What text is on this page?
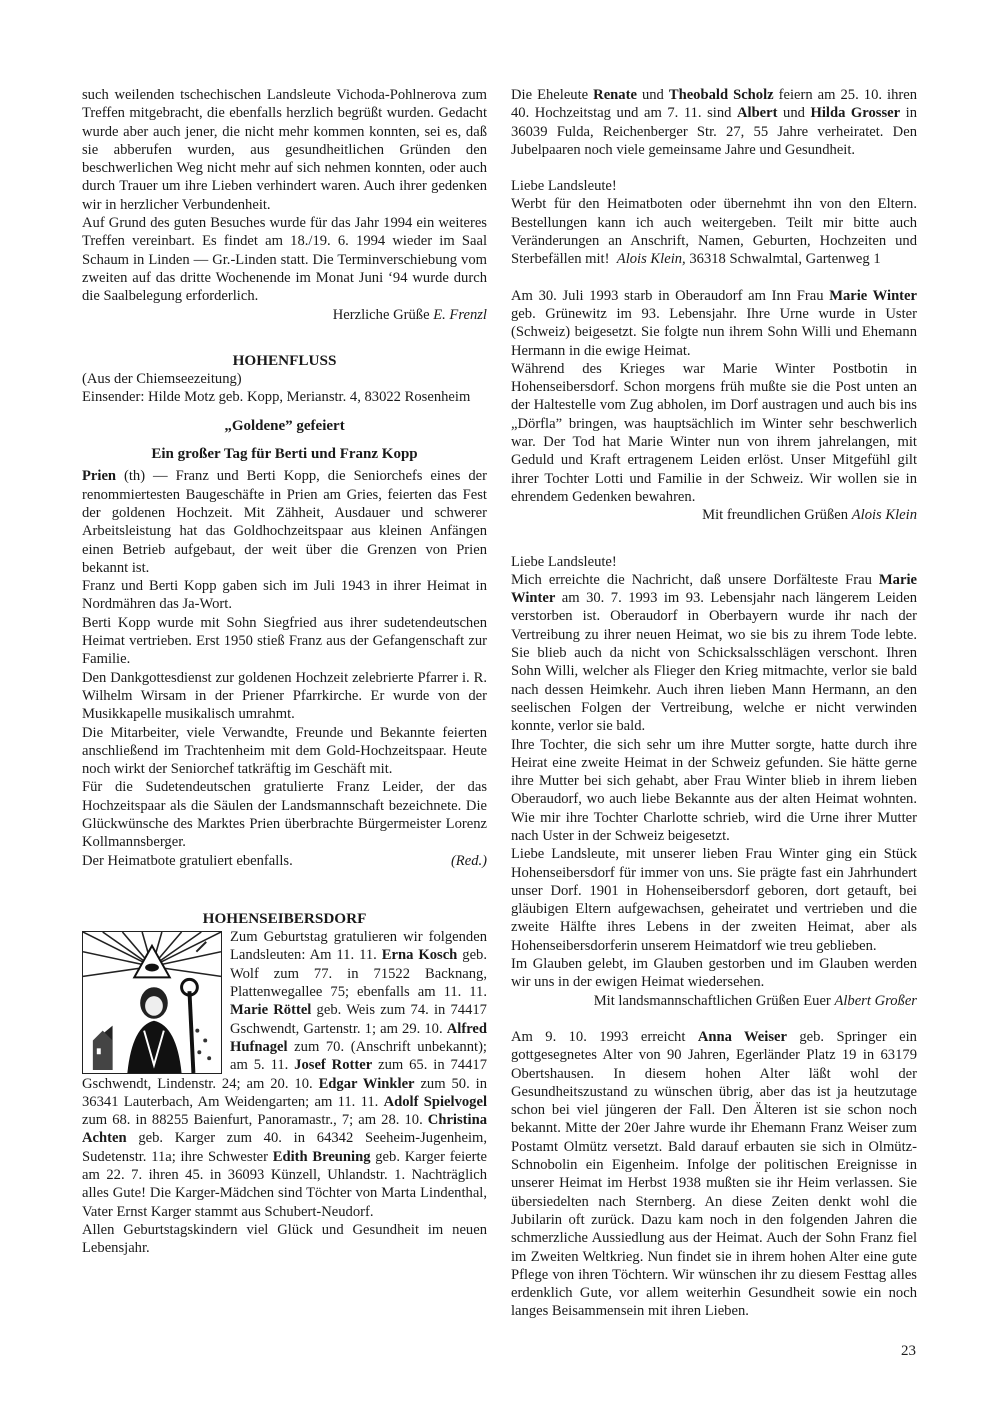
such weilenden tschechischen Landsleute Vichoda-Pohlnerova zum Treffen mitgebracht, die ebenfalls herzlich begrüßt wurden. Gedacht wurde aber auch jener, die nicht mehr kommen konnten, sei es, daß sie abberufen wurden, aus gesundheitlichen Gründen den beschwerlichen Weg nicht mehr auf sich nehmen konnten, oder auch durch Trauer um ihre Lieben verhindert waren. Auch ihrer gedenken wir in herzlicher Verbundenheit.

Auf Grund des guten Besuches wurde für das Jahr 1994 ein weiteres Treffen vereinbart. Es findet am 18./19. 6. 1994 wieder im Saal Schaum in Linden — Gr.-Linden statt. Die Terminverschiebung vom zweiten auf das dritte Wochenende im Monat Juni ‘94 wurde durch die Saalbelegung erforderlich.

Herzliche Grüße E. Frenzl

HOHENFLUSS

(Aus der Chiemseezeitung)

Einsender: Hilde Motz geb. Kopp, Merianstr. 4, 83022 Rosenheim

„Goldene” gefeiert

Ein großer Tag für Berti und Franz Kopp

Prien (th) — Franz und Berti Kopp, die Seniorchefs eines der renommiertesten Baugeschäfte in Prien am Gries, feierten das Fest der goldenen Hochzeit. Mit Zähheit, Ausdauer und schwerer Arbeitsleistung hat das Goldhochzeitspaar aus kleinen Anfängen einen Betrieb aufgebaut, der weit über die Grenzen von Prien bekannt ist.

Franz und Berti Kopp gaben sich im Juli 1943 in ihrer Heimat in Nordmähren das Ja-Wort.

Berti Kopp wurde mit Sohn Siegfried aus ihrer sudetendeutschen Heimat vertrieben. Erst 1950 stieß Franz aus der Gefangenschaft zur Familie.

Den Dankgottesdienst zur goldenen Hochzeit zelebrierte Pfarrer i. R. Wilhelm Wirsam in der Priener Pfarrkirche. Er wurde von der Musikkapelle musikalisch umrahmt.

Die Mitarbeiter, viele Verwandte, Freunde und Bekannte feierten anschließend im Trachtenheim mit dem Gold-Hochzeitspaar. Heute noch wirkt der Seniorchef tatkräftig im Geschäft mit.

Für die Sudetendeutschen gratulierte Franz Leider, der das Hochzeitspaar als die Säulen der Landsmannschaft bezeichnete. Die Glückwünsche des Marktes Prien überbrachte Bürgermeister Lorenz Kollmannsberger.

Der Heimatbote gratuliert ebenfalls.	(Red.)

HOHENSEIBERSDORF

Zum Geburtstag gratulieren wir folgenden Landsleuten: Am 11. 11. Erna Kosch geb. Wolf zum 77. in 71522 Backnang, Plattenwegallee 75; ebenfalls am 11. 11. Marie Röttel geb. Weis zum 74. in 74417 Gschwendt, Gartenstr. 1; am 29. 10. Alfred Hufnagel zum 70. (Anschrift unbekannt); am 5. 11. Josef Rotter zum 65. in 74417 Gschwendt, Lindenstr. 24; am 20. 10. Edgar Winkler zum 50. in 36341 Lauterbach, Am Weidengarten; am 11. 11. Adolf Spielvogel zum 68. in 88255 Baienfurt, Panoramastr., 7; am 28. 10. Christina Achten geb. Karger zum 40. in 64342 Seeheim-Jugenheim, Sudetenstr. 11a; ihre Schwester Edith Breuning geb. Karger feierte am 22. 7. ihren 45. in 36093 Künzell, Uhlandstr. 1. Nachträglich alles Gute! Die Karger-Mädchen sind Töchter von Marta Lindenthal, Vater Ernst Karger stammt aus Schubert-Neudorf.

Allen Geburtstagskindern viel Glück und Gesundheit im neuen Lebensjahr.

Die Eheleute Renate und Theobald Scholz feiern am 25. 10. ihren 40. Hochzeitstag und am 7. 11. sind Albert und Hilda Grosser in 36039 Fulda, Reichenberger Str. 27, 55 Jahre verheiratet. Den Jubelpaaren noch viele gemeinsame Jahre und Gesundheit.

Liebe Landsleute!

Werbt für den Heimatboten oder übernehmt ihn von den Eltern. Bestellungen kann ich auch weitergeben. Teilt mir bitte auch Veränderungen an Anschrift, Namen, Geburten, Hochzeiten und Sterbefällen mit! Alois Klein, 36318 Schwalmtal, Gartenweg 1

Am 30. Juli 1993 starb in Oberaudorf am Inn Frau Marie Winter geb. Grünewitz im 93. Lebensjahr. Ihre Urne wurde in Uster (Schweiz) beigesetzt. Sie folgte nun ihrem Sohn Willi und Ehemann Hermann in die ewige Heimat.

Während des Krieges war Marie Winter Postbotin in Hohenseibersdorf. Schon morgens früh mußte sie die Post unten an der Haltestelle vom Zug abholen, im Dorf austragen und auch bis ins „Dörfla” bringen, was hauptsächlich im Winter sehr beschwerlich war. Der Tod hat Marie Winter nun von ihrem jahrelangen, mit Geduld und Kraft ertragenem Leiden erlöst. Unser Mitgefühl gilt ihrer Tochter Lotti und Familie in der Schweiz. Wir wollen sie in ehrendem Gedenken bewahren.

Mit freundlichen Grüßen Alois Klein

Liebe Landsleute!

Mich erreichte die Nachricht, daß unsere Dorfälteste Frau Marie Winter am 30. 7. 1993 im 93. Lebensjahr nach längerem Leiden verstorben ist. Oberaudorf in Oberbayern wurde ihr nach der Vertreibung zu ihrer neuen Heimat, wo sie bis zu ihrem Tode lebte. Sie blieb auch da nicht von Schicksalsschlägen verschont. Ihren Sohn Willi, welcher als Flieger den Krieg mitmachte, verlor sie bald nach dessen Heimkehr. Auch ihren lieben Mann Hermann, an den seelischen Folgen der Vertreibung, welche er nicht verwinden konnte, verlor sie bald.

Ihre Tochter, die sich sehr um ihre Mutter sorgte, hatte durch ihre Heirat eine zweite Heimat in der Schweiz gefunden. Sie hätte gerne ihre Mutter bei sich gehabt, aber Frau Winter blieb in ihrem lieben Oberaudorf, wo auch liebe Bekannte aus der alten Heimat wohnten. Wie mir ihre Tochter Charlotte schrieb, wird die Urne ihrer Mutter nach Uster in der Schweiz beigesetzt.

Liebe Landsleute, mit unserer lieben Frau Winter ging ein Stück Hohenseibersdorf für immer von uns. Sie prägte fast ein Jahrhundert unser Dorf. 1901 in Hohenseibersdorf geboren, dort getauft, bei gläubigen Eltern aufgewachsen, geheiratet und vertrieben und die zweite Hälfte ihres Lebens in der zweiten Heimat, aber als Hohenseibersdorferin unserem Heimatdorf wie treu geblieben.

Im Glauben gelebt, im Glauben gestorben und im Glauben werden wir uns in der ewigen Heimat wiedersehen.

Mit landsmannschaftlichen Grüßen Euer Albert Großer

Am 9. 10. 1993 erreicht Anna Weiser geb. Springer ein gottgesegnetes Alter von 90 Jahren, Egerländer Platz 19 in 63179 Obertshausen. In diesem hohen Alter läßt wohl der Gesundheitszustand zu wünschen übrig, aber das ist ja heutzutage schon bei viel jüngeren der Fall. Den Älteren ist sie schon noch bekannt. Mitte der 20er Jahre wurde ihr Ehemann Franz Weiser zum Postamt Olmütz versetzt. Bald darauf erbauten sie sich in Olmütz-Schnobolin ein Eigenheim. Infolge der politischen Ereignisse in unserer Heimat im Herbst 1938 mußten sie ihr Heim verlassen. Sie übersiedelten nach Sternberg. An diese Zeiten denkt wohl die Jubilarin oft zurück. Dazu kam noch in den folgenden Jahren die schmerzliche Aussiedlung aus der Heimat. Auch der Sohn Franz fiel im Zweiten Weltkrieg. Nun findet sie in ihrem hohen Alter eine gute Pflege von ihren Töchtern. Wir wünschen ihr zu diesem Festtag alles erdenklich Gute, vor allem weiterhin Gesundheit sowie ein noch langes Beisammensein mit ihren Lieben.

23
